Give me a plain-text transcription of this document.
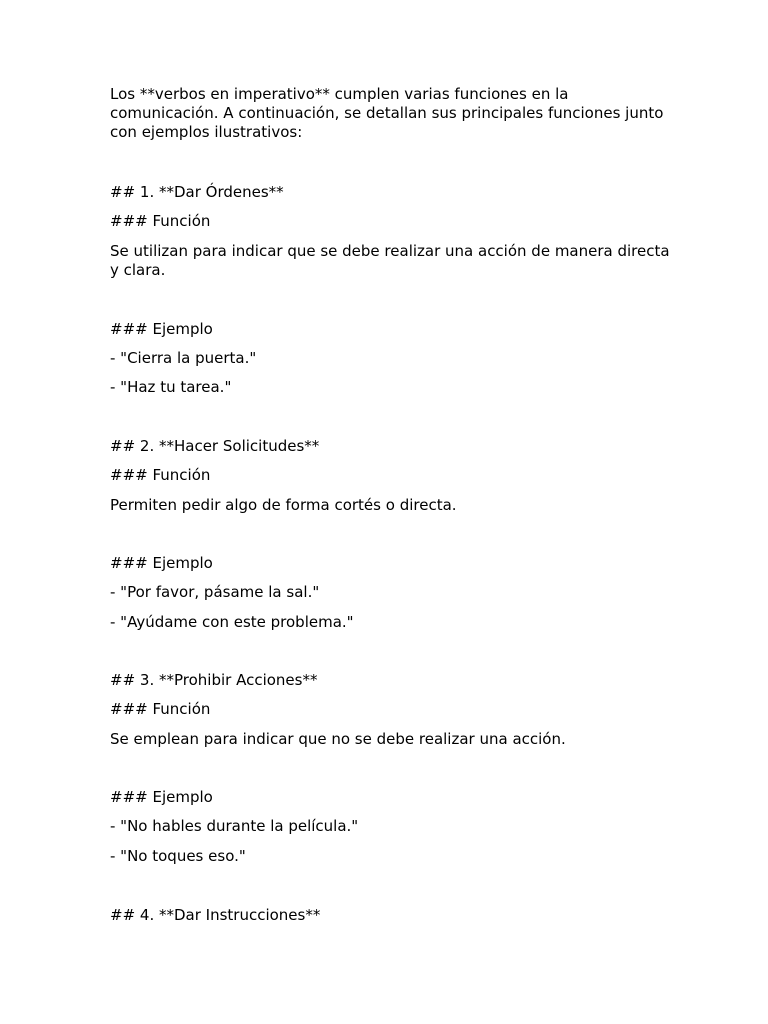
Los **verbos en imperativo** cumplen varias funciones en la comunicación. A continuación, se detallan sus principales funciones junto con ejemplos ilustrativos:

## 1. **Dar Órdenes**

### Función

Se utilizan para indicar que se debe realizar una acción de manera directa y clara.

### Ejemplo

- "Cierra la puerta."

- "Haz tu tarea."

## 2. **Hacer Solicitudes**

### Función

Permiten pedir algo de forma cortés o directa.

### Ejemplo

- "Por favor, pásame la sal."

- "Ayúdame con este problema."

## 3. **Prohibir Acciones**

### Función

Se emplean para indicar que no se debe realizar una acción.

### Ejemplo

- "No hables durante la película."

- "No toques eso."

## 4. **Dar Instrucciones**
